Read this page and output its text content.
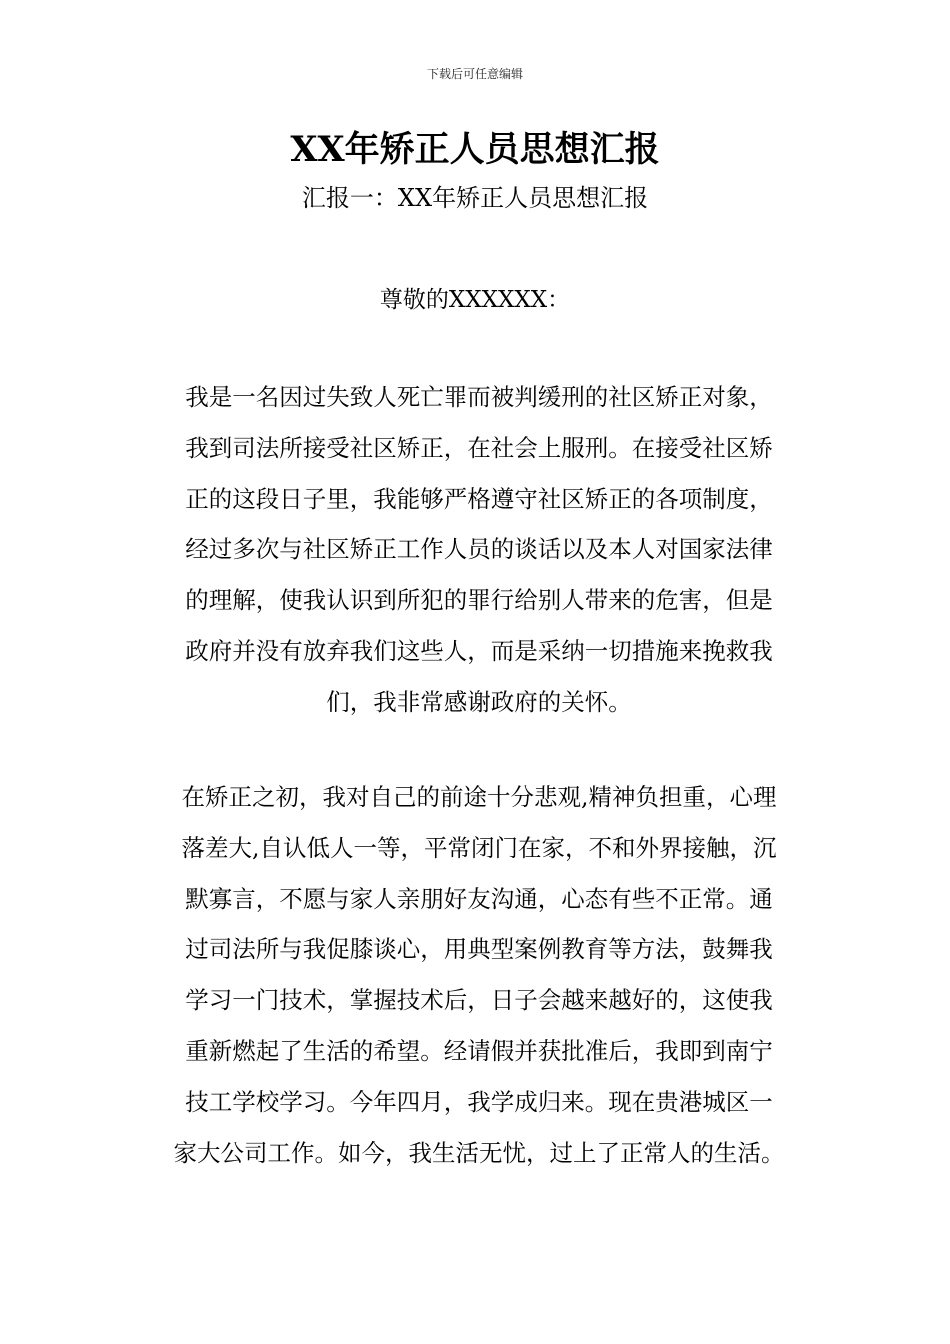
下载后可任意编辑
XX年矫正人员思想汇报
汇报一：XX年矫正人员思想汇报
尊敬的XXXXXX：
我是一名因过失致人死亡罪而被判缓刑的社区矫正对象，
我到司法所接受社区矫正，在社会上服刑。在接受社区矫
正的这段日子里，我能够严格遵守社区矫正的各项制度，
经过多次与社区矫正工作人员的谈话以及本人对国家法律
的理解，使我认识到所犯的罪行给别人带来的危害，但是
政府并没有放弃我们这些人，而是采纳一切措施来挽救我
们，我非常感谢政府的关怀。
在矫正之初，我对自己的前途十分悲观,精神负担重，心理
落差大,自认低人一等，平常闭门在家，不和外界接触，沉
默寡言，不愿与家人亲朋好友沟通，心态有些不正常。通
过司法所与我促膝谈心，用典型案例教育等方法，鼓舞我
学习一门技术，掌握技术后，日子会越来越好的，这使我
重新燃起了生活的希望。经请假并获批准后，我即到南宁
技工学校学习。今年四月，我学成归来。现在贵港城区一
家大公司工作。如今，我生活无忧，过上了正常人的生活。
